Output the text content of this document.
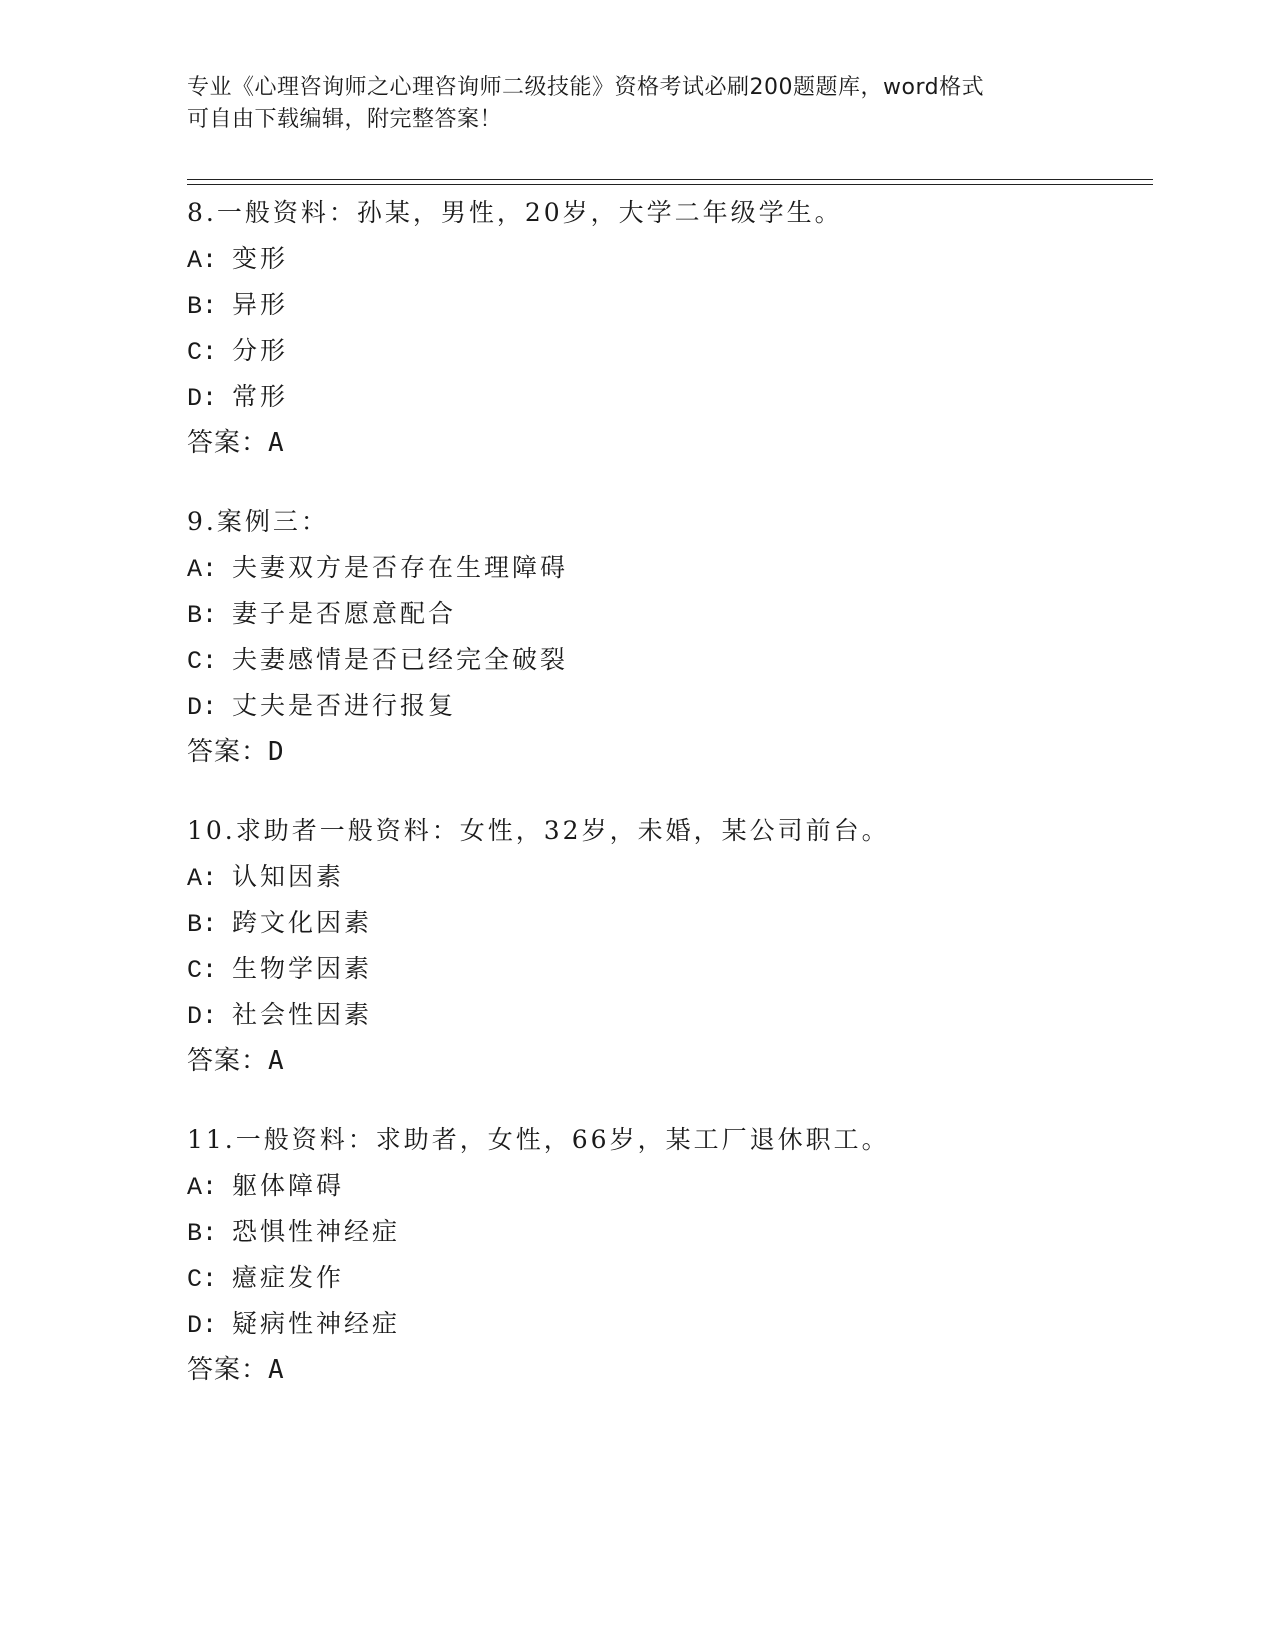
专业《心理咨询师之心理咨询师二级技能》资格考试必刷200题题库，word格式
可自由下载编辑，附完整答案！
8.一般资料：孙某，男性，20岁，大学二年级学生。
A: 变形
B: 异形
C: 分形
D: 常形
答案：A
9.案例三：
A: 夫妻双方是否存在生理障碍
B: 妻子是否愿意配合
C: 夫妻感情是否已经完全破裂
D: 丈夫是否进行报复
答案：D
10.求助者一般资料：女性，32岁，未婚，某公司前台。
A: 认知因素
B: 跨文化因素
C: 生物学因素
D: 社会性因素
答案：A
11.一般资料：求助者，女性，66岁，某工厂退休职工。
A: 躯体障碍
B: 恐惧性神经症
C: 癔症发作
D: 疑病性神经症
答案：A
